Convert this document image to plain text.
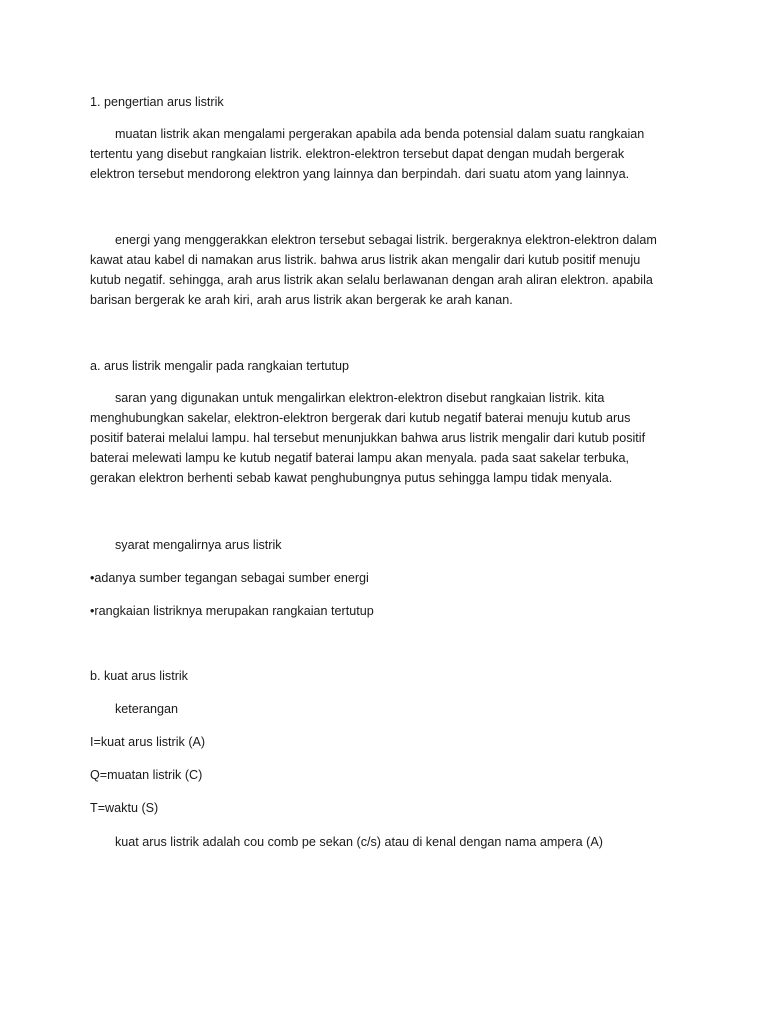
1. pengertian arus listrik

muatan listrik akan mengalami pergerakan apabila ada benda potensial dalam suatu rangkaian
tertentu yang disebut rangkaian listrik. elektron-elektron tersebut dapat dengan mudah bergerak
elektron tersebut mendorong elektron yang lainnya dan berpindah. dari suatu atom yang lainnya.
energi yang menggerakkan elektron tersebut sebagai listrik. bergeraknya elektron-elektron dalam
kawat atau kabel di namakan arus listrik. bahwa arus listrik akan mengalir dari kutub positif menuju
kutub negatif. sehingga, arah arus listrik akan selalu berlawanan dengan arah aliran elektron. apabila
barisan bergerak ke arah kiri, arah arus listrik akan bergerak ke arah kanan.

a. arus listrik mengalir pada rangkaian tertutup

saran yang digunakan untuk mengalirkan elektron-elektron disebut rangkaian listrik. kita
menghubungkan sakelar, elektron-elektron bergerak dari kutub negatif baterai menuju kutub arus
positif baterai melalui lampu. hal tersebut menunjukkan bahwa arus listrik mengalir dari kutub positif
baterai melewati lampu ke kutub negatif baterai lampu akan menyala. pada saat sakelar terbuka,
gerakan elektron berhenti sebab kawat penghubungnya putus sehingga lampu tidak menyala.

syarat mengalirnya arus listrik

•adanya sumber tegangan sebagai sumber energi

•rangkaian listriknya merupakan rangkaian tertutup

b. kuat arus listrik

keterangan

I=kuat arus listrik (A)

Q=muatan listrik (C)

T=waktu (S)

kuat arus listrik adalah cou comb pe sekan (c/s) atau di kenal dengan nama ampera (A)
